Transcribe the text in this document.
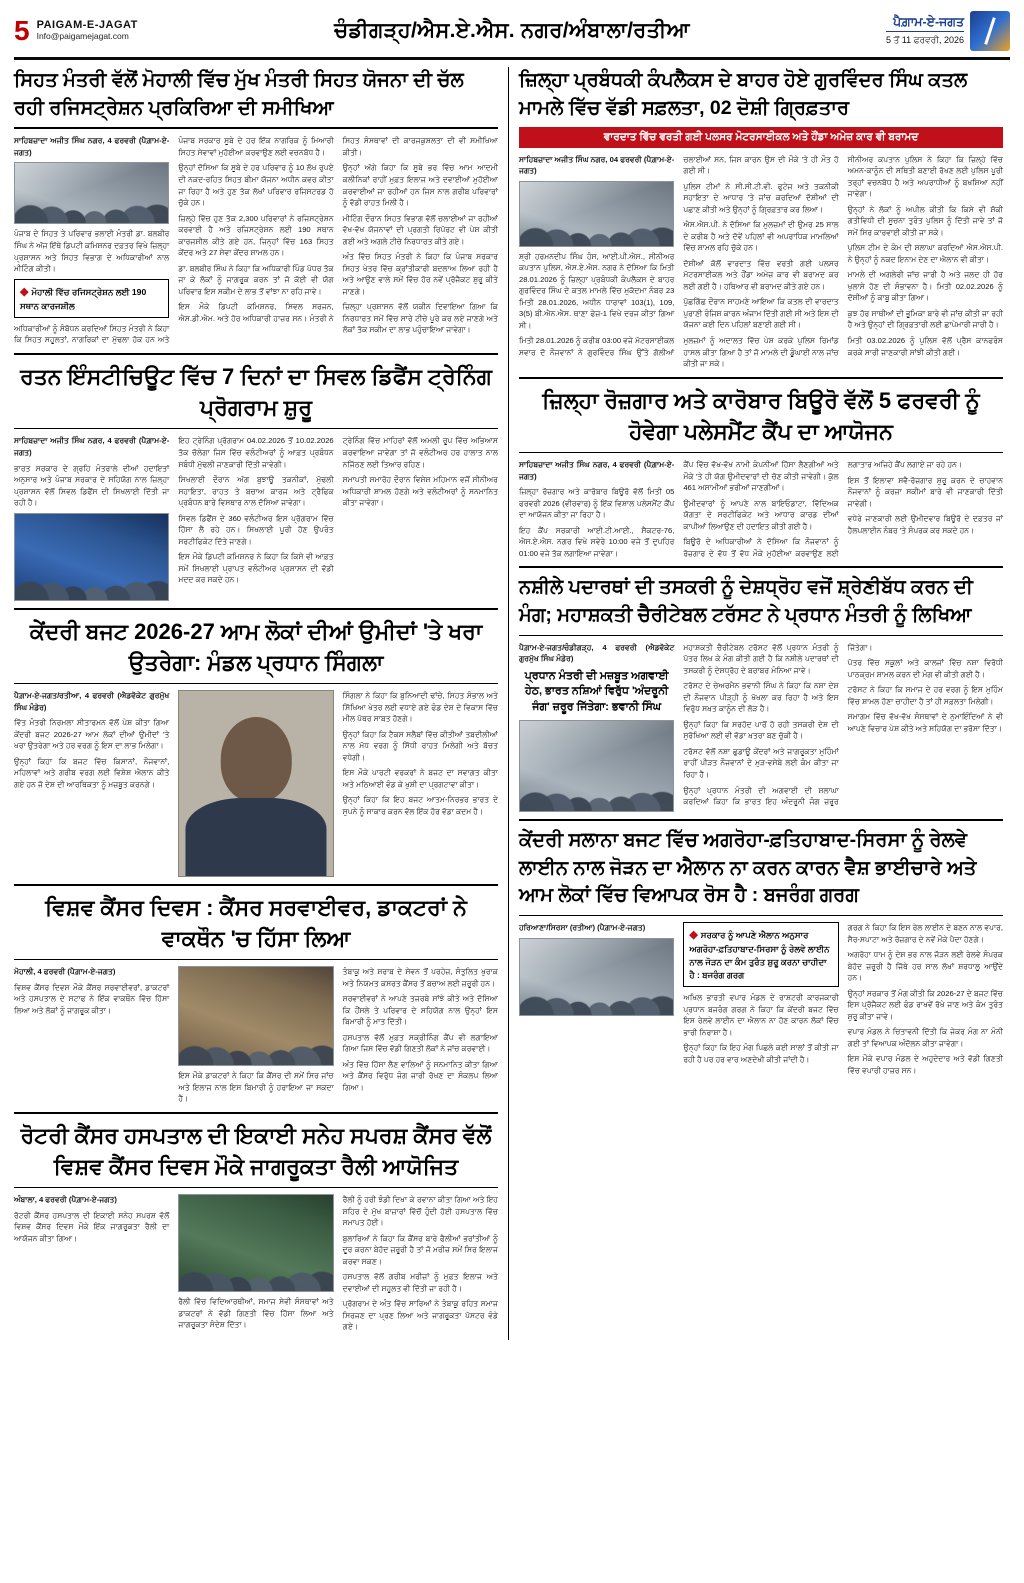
5 PAIGAM-E-JAGAT
Info@paigamejagat.com	ਚੰਡੀਗੜ੍ਹ/ਐਸ.ਏ.ਐਸ. ਨਗਰ/ਅੰਬਾਲਾ/ਰਤੀਆ	ਪੈਗ਼ਾਮ-ਏ-ਜਗਤ
5 ਤੋਂ 11 ਫਰਵਰੀ, 2026
ਸਿਹਤ ਮੰਤਰੀ ਵੱਲੋਂ ਮੋਹਾਲੀ ਵਿੱਚ ਮੁੱਖ ਮੰਤਰੀ ਸਿਹਤ ਯੋਜਨਾ ਦੀ ਚੱਲ ਰਹੀ ਰਜਿਸਟ੍ਰੇਸ਼ਨ ਪ੍ਰਕਿਰਿਆ ਦੀ ਸਮੀਖਿਆ

ਸਾਹਿਬਜ਼ਾਦਾ ਅਜੀਤ ਸਿੰਘ ਨਗਰ, 4 ਫਰਵਰੀ (ਪੈਗ਼ਾਮ-ਏ-ਜਗਤ)

ਪੰਜਾਬ ਦੇ ਸਿਹਤ ਤੇ ਪਰਿਵਾਰ ਭਲਾਈ ਮੰਤਰੀ ਡਾ. ਬਲਬੀਰ ਸਿੰਘ ਨੇ ਅੱਜ ਇੱਥੇ ਡਿਪਟੀ ਕਮਿਸ਼ਨਰ ਦਫ਼ਤਰ ਵਿਖੇ ਜ਼ਿਲ੍ਹਾ ਪ੍ਰਸ਼ਾਸਨ ਅਤੇ ਸਿਹਤ ਵਿਭਾਗ ਦੇ ਅਧਿਕਾਰੀਆਂ ਨਾਲ ਮੀਟਿੰਗ ਕੀਤੀ।

◆ ਮੋਹਾਲੀ ਵਿੱਚ ਰਜਿਸਟ੍ਰੇਸ਼ਨ ਲਈ 190 ਸਥਾਨ ਕਾਰਜਸ਼ੀਲ

ਅਧਿਕਾਰੀਆਂ ਨੂੰ ਸੰਬੋਧਨ ਕਰਦਿਆਂ ਸਿਹਤ ਮੰਤਰੀ ਨੇ ਕਿਹਾ ਕਿ ਸਿਹਤ ਸਹੂਲਤਾਂ, ਨਾਗਰਿਕਾਂ ਦਾ ਮੁੱਢਲਾ ਹੱਕ ਹਨ ਅਤੇ ਪੰਜਾਬ ਸਰਕਾਰ ਸੂਬੇ ਦੇ ਹਰ ਇੱਕ ਨਾਗਰਿਕ ਨੂੰ ਮਿਆਰੀ ਸਿਹਤ ਸੇਵਾਵਾਂ ਮੁਹੱਈਆ ਕਰਵਾਉਣ ਲਈ ਵਚਨਬੱਧ ਹੈ।

ਉਨ੍ਹਾਂ ਦੱਸਿਆ ਕਿ ਸੂਬੇ ਦੇ ਹਰ ਪਰਿਵਾਰ ਨੂੰ 10 ਲੱਖ ਰੁਪਏ ਦੀ ਨਕਦ-ਰਹਿਤ ਸਿਹਤ ਬੀਮਾ ਯੋਜਨਾ ਅਧੀਨ ਕਵਰ ਕੀਤਾ ਜਾ ਰਿਹਾ ਹੈ ਅਤੇ ਹੁਣ ਤੱਕ ਲੱਖਾਂ ਪਰਿਵਾਰ ਰਜਿਸਟਰਡ ਹੋ ਚੁੱਕੇ ਹਨ।

ਜ਼ਿਲ੍ਹੇ ਵਿੱਚ ਹੁਣ ਤੱਕ 2,300 ਪਰਿਵਾਰਾਂ ਨੇ ਰਜਿਸਟ੍ਰੇਸ਼ਨ ਕਰਵਾਈ ਹੈ ਅਤੇ ਰਜਿਸਟ੍ਰੇਸ਼ਨ ਲਈ 190 ਸਥਾਨ ਕਾਰਜਸ਼ੀਲ ਕੀਤੇ ਗਏ ਹਨ, ਜਿਨ੍ਹਾਂ ਵਿੱਚ 163 ਸਿਹਤ ਕੇਂਦਰ ਅਤੇ 27 ਸੇਵਾ ਕੇਂਦਰ ਸ਼ਾਮਲ ਹਨ।

ਡਾ. ਬਲਬੀਰ ਸਿੰਘ ਨੇ ਕਿਹਾ ਕਿ ਅਧਿਕਾਰੀ ਪਿੰਡ ਪੱਧਰ ਤੱਕ ਜਾ ਕੇ ਲੋਕਾਂ ਨੂੰ ਜਾਗਰੂਕ ਕਰਨ ਤਾਂ ਜੋ ਕੋਈ ਵੀ ਯੋਗ ਪਰਿਵਾਰ ਇਸ ਸਕੀਮ ਦੇ ਲਾਭ ਤੋਂ ਵਾਂਝਾ ਨਾ ਰਹਿ ਜਾਵੇ।

ਇਸ ਮੌਕੇ ਡਿਪਟੀ ਕਮਿਸ਼ਨਰ, ਸਿਵਲ ਸਰਜਨ, ਐਸ.ਡੀ.ਐਮ. ਅਤੇ ਹੋਰ ਅਧਿਕਾਰੀ ਹਾਜ਼ਰ ਸਨ। ਮੰਤਰੀ ਨੇ ਸਿਹਤ ਸੰਸਥਾਵਾਂ ਦੀ ਕਾਰਜਕੁਸ਼ਲਤਾ ਦੀ ਵੀ ਸਮੀਖਿਆ ਕੀਤੀ।

ਉਨ੍ਹਾਂ ਅੱਗੇ ਕਿਹਾ ਕਿ ਸੂਬੇ ਭਰ ਵਿੱਚ ਆਮ ਆਦਮੀ ਕਲੀਨਿਕਾਂ ਰਾਹੀਂ ਮੁਫ਼ਤ ਇਲਾਜ ਅਤੇ ਦਵਾਈਆਂ ਮੁਹੱਈਆ ਕਰਵਾਈਆਂ ਜਾ ਰਹੀਆਂ ਹਨ ਜਿਸ ਨਾਲ ਗਰੀਬ ਪਰਿਵਾਰਾਂ ਨੂੰ ਵੱਡੀ ਰਾਹਤ ਮਿਲੀ ਹੈ।

ਮੀਟਿੰਗ ਦੌਰਾਨ ਸਿਹਤ ਵਿਭਾਗ ਵੱਲੋਂ ਚਲਾਈਆਂ ਜਾ ਰਹੀਆਂ ਵੱਖ-ਵੱਖ ਯੋਜਨਾਵਾਂ ਦੀ ਪ੍ਰਗਤੀ ਰਿਪੋਰਟ ਵੀ ਪੇਸ਼ ਕੀਤੀ ਗਈ ਅਤੇ ਅਗਲੇ ਟੀਚੇ ਨਿਰਧਾਰਤ ਕੀਤੇ ਗਏ।

ਅੰਤ ਵਿੱਚ ਸਿਹਤ ਮੰਤਰੀ ਨੇ ਕਿਹਾ ਕਿ ਪੰਜਾਬ ਸਰਕਾਰ ਸਿਹਤ ਖੇਤਰ ਵਿੱਚ ਕ੍ਰਾਂਤੀਕਾਰੀ ਬਦਲਾਅ ਲਿਆ ਰਹੀ ਹੈ ਅਤੇ ਆਉਣ ਵਾਲੇ ਸਮੇਂ ਵਿੱਚ ਹੋਰ ਨਵੇਂ ਪ੍ਰੋਜੈਕਟ ਸ਼ੁਰੂ ਕੀਤੇ ਜਾਣਗੇ।

ਜ਼ਿਲ੍ਹਾ ਪ੍ਰਸ਼ਾਸਨ ਵੱਲੋਂ ਯਕੀਨ ਦਿਵਾਇਆ ਗਿਆ ਕਿ ਨਿਰਧਾਰਤ ਸਮੇਂ ਵਿੱਚ ਸਾਰੇ ਟੀਚੇ ਪੂਰੇ ਕਰ ਲਏ ਜਾਣਗੇ ਅਤੇ ਲੋਕਾਂ ਤੱਕ ਸਕੀਮ ਦਾ ਲਾਭ ਪਹੁੰਚਾਇਆ ਜਾਵੇਗਾ।

ਰਤਨ ਇੰਸਟੀਚਿਊਟ ਵਿੱਚ 7 ਦਿਨਾਂ ਦਾ ਸਿਵਲ ਡਿਫੈਂਸ ਟ੍ਰੇਨਿੰਗ ਪ੍ਰੋਗਰਾਮ ਸ਼ੁਰੂ

ਸਾਹਿਬਜ਼ਾਦਾ ਅਜੀਤ ਸਿੰਘ ਨਗਰ, 4 ਫਰਵਰੀ (ਪੈਗ਼ਾਮ-ਏ-ਜਗਤ)

ਭਾਰਤ ਸਰਕਾਰ ਦੇ ਗ੍ਰਹਿ ਮੰਤਰਾਲੇ ਦੀਆਂ ਹਦਾਇਤਾਂ ਅਨੁਸਾਰ ਅਤੇ ਪੰਜਾਬ ਸਰਕਾਰ ਦੇ ਸਹਿਯੋਗ ਨਾਲ ਜ਼ਿਲ੍ਹਾ ਪ੍ਰਸ਼ਾਸਨ ਵੱਲੋਂ ਸਿਵਲ ਡਿਫੈਂਸ ਦੀ ਸਿਖਲਾਈ ਦਿੱਤੀ ਜਾ ਰਹੀ ਹੈ।

ਇਹ ਟ੍ਰੇਨਿੰਗ ਪ੍ਰੋਗਰਾਮ 04.02.2026 ਤੋਂ 10.02.2026 ਤੱਕ ਚੱਲੇਗਾ ਜਿਸ ਵਿੱਚ ਵਲੰਟੀਅਰਾਂ ਨੂੰ ਆਫ਼ਤ ਪ੍ਰਬੰਧਨ ਸਬੰਧੀ ਮੁੱਢਲੀ ਜਾਣਕਾਰੀ ਦਿੱਤੀ ਜਾਵੇਗੀ।

ਸਿਖਲਾਈ ਦੌਰਾਨ ਅੱਗ ਬੁਝਾਊ ਤਕਨੀਕਾਂ, ਮੁੱਢਲੀ ਸਹਾਇਤਾ, ਰਾਹਤ ਤੇ ਬਚਾਅ ਕਾਰਜ ਅਤੇ ਟ੍ਰੈਫਿਕ ਪ੍ਰਬੰਧਨ ਬਾਰੇ ਵਿਸਥਾਰ ਨਾਲ ਦੱਸਿਆ ਜਾਵੇਗਾ।

ਸਿਵਲ ਡਿਫੈਂਸ ਦੇ 360 ਵਲੰਟੀਅਰ ਇਸ ਪ੍ਰੋਗਰਾਮ ਵਿੱਚ ਹਿੱਸਾ ਲੈ ਰਹੇ ਹਨ। ਸਿਖਲਾਈ ਪੂਰੀ ਹੋਣ ਉਪਰੰਤ ਸਰਟੀਫਿਕੇਟ ਦਿੱਤੇ ਜਾਣਗੇ।

ਇਸ ਮੌਕੇ ਡਿਪਟੀ ਕਮਿਸ਼ਨਰ ਨੇ ਕਿਹਾ ਕਿ ਕਿਸੇ ਵੀ ਆਫ਼ਤ ਸਮੇਂ ਸਿਖਲਾਈ ਪ੍ਰਾਪਤ ਵਲੰਟੀਅਰ ਪ੍ਰਸ਼ਾਸਨ ਦੀ ਵੱਡੀ ਮਦਦ ਕਰ ਸਕਦੇ ਹਨ।

ਟ੍ਰੇਨਿੰਗ ਵਿੱਚ ਮਾਹਿਰਾਂ ਵੱਲੋਂ ਅਮਲੀ ਰੂਪ ਵਿੱਚ ਅਭਿਆਸ ਕਰਵਾਇਆ ਜਾਵੇਗਾ ਤਾਂ ਜੋ ਵਲੰਟੀਅਰ ਹਰ ਹਾਲਾਤ ਨਾਲ ਨਜਿੱਠਣ ਲਈ ਤਿਆਰ ਰਹਿਣ।

ਸਮਾਪਤੀ ਸਮਾਰੋਹ ਦੌਰਾਨ ਵਿਸ਼ੇਸ਼ ਮਹਿਮਾਨ ਵਜੋਂ ਸੀਨੀਅਰ ਅਧਿਕਾਰੀ ਸ਼ਾਮਲ ਹੋਣਗੇ ਅਤੇ ਵਲੰਟੀਅਰਾਂ ਨੂੰ ਸਨਮਾਨਿਤ ਕੀਤਾ ਜਾਵੇਗਾ।

ਕੇਂਦਰੀ ਬਜਟ 2026-27 ਆਮ ਲੋਕਾਂ ਦੀਆਂ ਉਮੀਦਾਂ 'ਤੇ ਖਰਾ ਉਤਰੇਗਾ: ਮੰਡਲ ਪ੍ਰਧਾਨ ਸਿੰਗਲਾ

ਪੈਗ਼ਾਮ-ਏ-ਜਗਤ/ਰਤੀਆ, 4 ਫਰਵਰੀ (ਐਡਵੋਕੇਟ ਗੁਰਮੁੱਖ ਸਿੰਘ ਮੰਡੇਰ)

ਵਿੱਤ ਮੰਤਰੀ ਨਿਰਮਲਾ ਸੀਤਾਰਮਨ ਵੱਲੋਂ ਪੇਸ਼ ਕੀਤਾ ਗਿਆ ਕੇਂਦਰੀ ਬਜਟ 2026-27 ਆਮ ਲੋਕਾਂ ਦੀਆਂ ਉਮੀਦਾਂ 'ਤੇ ਖਰਾ ਉਤਰੇਗਾ ਅਤੇ ਹਰ ਵਰਗ ਨੂੰ ਇਸ ਦਾ ਲਾਭ ਮਿਲੇਗਾ।

ਉਨ੍ਹਾਂ ਕਿਹਾ ਕਿ ਬਜਟ ਵਿੱਚ ਕਿਸਾਨਾਂ, ਨੌਜਵਾਨਾਂ, ਮਹਿਲਾਵਾਂ ਅਤੇ ਗਰੀਬ ਵਰਗ ਲਈ ਵਿਸ਼ੇਸ਼ ਐਲਾਨ ਕੀਤੇ ਗਏ ਹਨ ਜੋ ਦੇਸ਼ ਦੀ ਆਰਥਿਕਤਾ ਨੂੰ ਮਜ਼ਬੂਤ ਕਰਨਗੇ।

ਸਿੰਗਲਾ ਨੇ ਕਿਹਾ ਕਿ ਬੁਨਿਆਦੀ ਢਾਂਚੇ, ਸਿਹਤ ਸੰਭਾਲ ਅਤੇ ਸਿੱਖਿਆ ਖੇਤਰ ਲਈ ਵਧਾਏ ਗਏ ਫੰਡ ਦੇਸ਼ ਦੇ ਵਿਕਾਸ ਵਿੱਚ ਮੀਲ ਪੱਥਰ ਸਾਬਤ ਹੋਣਗੇ।

ਉਨ੍ਹਾਂ ਕਿਹਾ ਕਿ ਟੈਕਸ ਸਲੈਬਾਂ ਵਿੱਚ ਕੀਤੀਆਂ ਤਬਦੀਲੀਆਂ ਨਾਲ ਮੱਧ ਵਰਗ ਨੂੰ ਸਿੱਧੀ ਰਾਹਤ ਮਿਲੇਗੀ ਅਤੇ ਬੱਚਤ ਵਧੇਗੀ।

ਇਸ ਮੌਕੇ ਪਾਰਟੀ ਵਰਕਰਾਂ ਨੇ ਬਜਟ ਦਾ ਸਵਾਗਤ ਕੀਤਾ ਅਤੇ ਮਠਿਆਈ ਵੰਡ ਕੇ ਖੁਸ਼ੀ ਦਾ ਪ੍ਰਗਟਾਵਾ ਕੀਤਾ।

ਉਨ੍ਹਾਂ ਕਿਹਾ ਕਿ ਇਹ ਬਜਟ ਆਤਮ-ਨਿਰਭਰ ਭਾਰਤ ਦੇ ਸੁਪਨੇ ਨੂੰ ਸਾਕਾਰ ਕਰਨ ਵੱਲ ਇੱਕ ਹੋਰ ਵੱਡਾ ਕਦਮ ਹੈ।

ਵਿਸ਼ਵ ਕੈਂਸਰ ਦਿਵਸ : ਕੈਂਸਰ ਸਰਵਾਈਵਰ, ਡਾਕਟਰਾਂ ਨੇ ਵਾਕਥੌਨ 'ਚ ਹਿੱਸਾ ਲਿਆ

ਮੋਹਾਲੀ, 4 ਫਰਵਰੀ (ਪੈਗ਼ਾਮ-ਏ-ਜਗਤ)

ਵਿਸ਼ਵ ਕੈਂਸਰ ਦਿਵਸ ਮੌਕੇ ਕੈਂਸਰ ਸਰਵਾਈਵਰਾਂ, ਡਾਕਟਰਾਂ ਅਤੇ ਹਸਪਤਾਲ ਦੇ ਸਟਾਫ ਨੇ ਇੱਕ ਵਾਕਥੌਨ ਵਿੱਚ ਹਿੱਸਾ ਲਿਆ ਅਤੇ ਲੋਕਾਂ ਨੂੰ ਜਾਗਰੂਕ ਕੀਤਾ।

ਇਸ ਮੌਕੇ ਡਾਕਟਰਾਂ ਨੇ ਕਿਹਾ ਕਿ ਕੈਂਸਰ ਦੀ ਸਮੇਂ ਸਿਰ ਜਾਂਚ ਅਤੇ ਇਲਾਜ ਨਾਲ ਇਸ ਬਿਮਾਰੀ ਨੂੰ ਹਰਾਇਆ ਜਾ ਸਕਦਾ ਹੈ।

ਤੰਬਾਕੂ ਅਤੇ ਸ਼ਰਾਬ ਦੇ ਸੇਵਨ ਤੋਂ ਪਰਹੇਜ਼, ਸੰਤੁਲਿਤ ਖੁਰਾਕ ਅਤੇ ਨਿਯਮਤ ਕਸਰਤ ਕੈਂਸਰ ਤੋਂ ਬਚਾਅ ਲਈ ਜ਼ਰੂਰੀ ਹਨ।

ਸਰਵਾਈਵਰਾਂ ਨੇ ਆਪਣੇ ਤਜਰਬੇ ਸਾਂਝੇ ਕੀਤੇ ਅਤੇ ਦੱਸਿਆ ਕਿ ਹੌਂਸਲੇ ਤੇ ਪਰਿਵਾਰ ਦੇ ਸਹਿਯੋਗ ਨਾਲ ਉਨ੍ਹਾਂ ਇਸ ਬਿਮਾਰੀ ਨੂੰ ਮਾਤ ਦਿੱਤੀ।

ਹਸਪਤਾਲ ਵੱਲੋਂ ਮੁਫ਼ਤ ਸਕ੍ਰੀਨਿੰਗ ਕੈਂਪ ਵੀ ਲਗਾਇਆ ਗਿਆ ਜਿਸ ਵਿੱਚ ਵੱਡੀ ਗਿਣਤੀ ਲੋਕਾਂ ਨੇ ਜਾਂਚ ਕਰਵਾਈ।

ਅੰਤ ਵਿੱਚ ਹਿੱਸਾ ਲੈਣ ਵਾਲਿਆਂ ਨੂੰ ਸਨਮਾਨਿਤ ਕੀਤਾ ਗਿਆ ਅਤੇ ਕੈਂਸਰ ਵਿਰੁੱਧ ਜੰਗ ਜਾਰੀ ਰੱਖਣ ਦਾ ਸੰਕਲਪ ਲਿਆ ਗਿਆ।

ਰੋਟਰੀ ਕੈਂਸਰ ਹਸਪਤਾਲ ਦੀ ਇਕਾਈ ਸਨੇਹ ਸਪਰਸ਼ ਕੈਂਸਰ ਵੱਲੋਂ ਵਿਸ਼ਵ ਕੈਂਸਰ ਦਿਵਸ ਮੌਕੇ ਜਾਗਰੂਕਤਾ ਰੈਲੀ ਆਯੋਜਿਤ

ਅੰਬਾਲਾ, 4 ਫਰਵਰੀ (ਪੈਗ਼ਾਮ-ਏ-ਜਗਤ)

ਰੋਟਰੀ ਕੈਂਸਰ ਹਸਪਤਾਲ ਦੀ ਇਕਾਈ ਸਨੇਹ ਸਪਰਸ਼ ਵੱਲੋਂ ਵਿਸ਼ਵ ਕੈਂਸਰ ਦਿਵਸ ਮੌਕੇ ਇੱਕ ਜਾਗਰੂਕਤਾ ਰੈਲੀ ਦਾ ਆਯੋਜਨ ਕੀਤਾ ਗਿਆ।

ਰੈਲੀ ਵਿੱਚ ਵਿਦਿਆਰਥੀਆਂ, ਸਮਾਜ ਸੇਵੀ ਸੰਸਥਾਵਾਂ ਅਤੇ ਡਾਕਟਰਾਂ ਨੇ ਵੱਡੀ ਗਿਣਤੀ ਵਿੱਚ ਹਿੱਸਾ ਲਿਆ ਅਤੇ ਜਾਗਰੂਕਤਾ ਸੰਦੇਸ਼ ਦਿੱਤਾ।

ਰੈਲੀ ਨੂੰ ਹਰੀ ਝੰਡੀ ਦਿਖਾ ਕੇ ਰਵਾਨਾ ਕੀਤਾ ਗਿਆ ਅਤੇ ਇਹ ਸ਼ਹਿਰ ਦੇ ਮੁੱਖ ਬਾਜ਼ਾਰਾਂ ਵਿੱਚੋਂ ਹੁੰਦੀ ਹੋਈ ਹਸਪਤਾਲ ਵਿੱਚ ਸਮਾਪਤ ਹੋਈ।

ਬੁਲਾਰਿਆਂ ਨੇ ਕਿਹਾ ਕਿ ਕੈਂਸਰ ਬਾਰੇ ਫੈਲੀਆਂ ਭਰਾਂਤੀਆਂ ਨੂੰ ਦੂਰ ਕਰਨਾ ਬੇਹੱਦ ਜ਼ਰੂਰੀ ਹੈ ਤਾਂ ਜੋ ਮਰੀਜ਼ ਸਮੇਂ ਸਿਰ ਇਲਾਜ ਕਰਵਾ ਸਕਣ।

ਹਸਪਤਾਲ ਵੱਲੋਂ ਗਰੀਬ ਮਰੀਜ਼ਾਂ ਨੂੰ ਮੁਫ਼ਤ ਇਲਾਜ ਅਤੇ ਦਵਾਈਆਂ ਦੀ ਸਹੂਲਤ ਵੀ ਦਿੱਤੀ ਜਾ ਰਹੀ ਹੈ।

ਪ੍ਰੋਗਰਾਮ ਦੇ ਅੰਤ ਵਿੱਚ ਸਾਰਿਆਂ ਨੇ ਤੰਬਾਕੂ ਰਹਿਤ ਸਮਾਜ ਸਿਰਜਣ ਦਾ ਪ੍ਰਣ ਲਿਆ ਅਤੇ ਜਾਗਰੂਕਤਾ ਪੋਸਟਰ ਵੰਡੇ ਗਏ।

ਜ਼ਿਲ੍ਹਾ ਪ੍ਰਬੰਧਕੀ ਕੰਪਲੈਕਸ ਦੇ ਬਾਹਰ ਹੋਏ ਗੁਰਵਿੰਦਰ ਸਿੰਘ ਕਤਲ ਮਾਮਲੇ ਵਿੱਚ ਵੱਡੀ ਸਫ਼ਲਤਾ, 02 ਦੋਸ਼ੀ ਗ੍ਰਿਫ਼ਤਾਰ
ਵਾਰਦਾਤ ਵਿੱਚ ਵਰਤੀ ਗਈ ਪਲਸਰ ਮੋਟਰਸਾਈਕਲ ਅਤੇ ਹੌਂਡਾ ਅਮੇਜ਼ ਕਾਰ ਵੀ ਬਰਾਮਦ

ਸਾਹਿਬਜ਼ਾਦਾ ਅਜੀਤ ਸਿੰਘ ਨਗਰ, 04 ਫਰਵਰੀ (ਪੈਗ਼ਾਮ-ਏ-ਜਗਤ)

ਸ਼੍ਰੀ ਹਰਮਨਦੀਪ ਸਿੰਘ ਹੰਸ, ਆਈ.ਪੀ.ਐਸ., ਸੀਨੀਅਰ ਕਪਤਾਨ ਪੁਲਿਸ, ਐਸ.ਏ.ਐਸ. ਨਗਰ ਨੇ ਦੱਸਿਆ ਕਿ ਮਿਤੀ 28.01.2026 ਨੂੰ ਜ਼ਿਲ੍ਹਾ ਪ੍ਰਬੰਧਕੀ ਕੰਪਲੈਕਸ ਦੇ ਬਾਹਰ ਗੁਰਵਿੰਦਰ ਸਿੰਘ ਦੇ ਕਤਲ ਮਾਮਲੇ ਵਿੱਚ ਮੁਕੱਦਮਾ ਨੰਬਰ 23 ਮਿਤੀ 28.01.2026, ਅਧੀਨ ਧਾਰਾਵਾਂ 103(1), 109, 3(5) ਬੀ.ਐਨ.ਐਸ. ਥਾਣਾ ਫੇਜ਼-1 ਵਿਖੇ ਦਰਜ ਕੀਤਾ ਗਿਆ ਸੀ।

ਮਿਤੀ 28.01.2026 ਨੂੰ ਕਰੀਬ 03:00 ਵਜੇ ਮੋਟਰਸਾਈਕਲ ਸਵਾਰ ਦੋ ਨੌਜਵਾਨਾਂ ਨੇ ਗੁਰਵਿੰਦਰ ਸਿੰਘ ਉੱਤੇ ਗੋਲੀਆਂ ਚਲਾਈਆਂ ਸਨ, ਜਿਸ ਕਾਰਨ ਉਸ ਦੀ ਮੌਕੇ 'ਤੇ ਹੀ ਮੌਤ ਹੋ ਗਈ ਸੀ।

ਪੁਲਿਸ ਟੀਮਾਂ ਨੇ ਸੀ.ਸੀ.ਟੀ.ਵੀ. ਫੁਟੇਜ ਅਤੇ ਤਕਨੀਕੀ ਸਹਾਇਤਾ ਦੇ ਆਧਾਰ 'ਤੇ ਜਾਂਚ ਕਰਦਿਆਂ ਦੋਸ਼ੀਆਂ ਦੀ ਪਛਾਣ ਕੀਤੀ ਅਤੇ ਉਨ੍ਹਾਂ ਨੂੰ ਗ੍ਰਿਫ਼ਤਾਰ ਕਰ ਲਿਆ।

ਐਸ.ਐਸ.ਪੀ. ਨੇ ਦੱਸਿਆ ਕਿ ਮੁਲਜ਼ਮਾਂ ਦੀ ਉਮਰ 25 ਸਾਲ ਦੇ ਕਰੀਬ ਹੈ ਅਤੇ ਦੋਵੇਂ ਪਹਿਲਾਂ ਵੀ ਅਪਰਾਧਿਕ ਮਾਮਲਿਆਂ ਵਿੱਚ ਸ਼ਾਮਲ ਰਹਿ ਚੁੱਕੇ ਹਨ।

ਦੋਸ਼ੀਆਂ ਕੋਲੋਂ ਵਾਰਦਾਤ ਵਿੱਚ ਵਰਤੀ ਗਈ ਪਲਸਰ ਮੋਟਰਸਾਈਕਲ ਅਤੇ ਹੌਂਡਾ ਅਮੇਜ਼ ਕਾਰ ਵੀ ਬਰਾਮਦ ਕਰ ਲਈ ਗਈ ਹੈ। ਹਥਿਆਰ ਵੀ ਬਰਾਮਦ ਕੀਤੇ ਗਏ ਹਨ।

ਪੁੱਛਗਿੱਛ ਦੌਰਾਨ ਸਾਹਮਣੇ ਆਇਆ ਕਿ ਕਤਲ ਦੀ ਵਾਰਦਾਤ ਪੁਰਾਣੀ ਰੰਜਿਸ਼ ਕਾਰਨ ਅੰਜਾਮ ਦਿੱਤੀ ਗਈ ਸੀ ਅਤੇ ਇਸ ਦੀ ਯੋਜਨਾ ਕਈ ਦਿਨ ਪਹਿਲਾਂ ਬਣਾਈ ਗਈ ਸੀ।

ਮੁਲਜ਼ਮਾਂ ਨੂੰ ਅਦਾਲਤ ਵਿੱਚ ਪੇਸ਼ ਕਰਕੇ ਪੁਲਿਸ ਰਿਮਾਂਡ ਹਾਸਲ ਕੀਤਾ ਗਿਆ ਹੈ ਤਾਂ ਜੋ ਮਾਮਲੇ ਦੀ ਡੂੰਘਾਈ ਨਾਲ ਜਾਂਚ ਕੀਤੀ ਜਾ ਸਕੇ।

ਸੀਨੀਅਰ ਕਪਤਾਨ ਪੁਲਿਸ ਨੇ ਕਿਹਾ ਕਿ ਜ਼ਿਲ੍ਹੇ ਵਿੱਚ ਅਮਨ-ਕਾਨੂੰਨ ਦੀ ਸਥਿਤੀ ਬਣਾਈ ਰੱਖਣ ਲਈ ਪੁਲਿਸ ਪੂਰੀ ਤਰ੍ਹਾਂ ਵਚਨਬੱਧ ਹੈ ਅਤੇ ਅਪਰਾਧੀਆਂ ਨੂੰ ਬਖਸ਼ਿਆ ਨਹੀਂ ਜਾਵੇਗਾ।

ਉਨ੍ਹਾਂ ਨੇ ਲੋਕਾਂ ਨੂੰ ਅਪੀਲ ਕੀਤੀ ਕਿ ਕਿਸੇ ਵੀ ਸ਼ੱਕੀ ਗਤੀਵਿਧੀ ਦੀ ਸੂਚਨਾ ਤੁਰੰਤ ਪੁਲਿਸ ਨੂੰ ਦਿੱਤੀ ਜਾਵੇ ਤਾਂ ਜੋ ਸਮੇਂ ਸਿਰ ਕਾਰਵਾਈ ਕੀਤੀ ਜਾ ਸਕੇ।

ਪੁਲਿਸ ਟੀਮ ਦੇ ਕੰਮ ਦੀ ਸ਼ਲਾਘਾ ਕਰਦਿਆਂ ਐਸ.ਐਸ.ਪੀ. ਨੇ ਉਨ੍ਹਾਂ ਨੂੰ ਨਕਦ ਇਨਾਮ ਦੇਣ ਦਾ ਐਲਾਨ ਵੀ ਕੀਤਾ।

ਮਾਮਲੇ ਦੀ ਅਗਲੇਰੀ ਜਾਂਚ ਜਾਰੀ ਹੈ ਅਤੇ ਜਲਦ ਹੀ ਹੋਰ ਖੁਲਾਸੇ ਹੋਣ ਦੀ ਸੰਭਾਵਨਾ ਹੈ। ਮਿਤੀ 02.02.2026 ਨੂੰ ਦੋਸ਼ੀਆਂ ਨੂੰ ਕਾਬੂ ਕੀਤਾ ਗਿਆ।

ਕੁਝ ਹੋਰ ਸਾਥੀਆਂ ਦੀ ਭੂਮਿਕਾ ਬਾਰੇ ਵੀ ਜਾਂਚ ਕੀਤੀ ਜਾ ਰਹੀ ਹੈ ਅਤੇ ਉਨ੍ਹਾਂ ਦੀ ਗ੍ਰਿਫ਼ਤਾਰੀ ਲਈ ਛਾਪੇਮਾਰੀ ਜਾਰੀ ਹੈ।

ਮਿਤੀ 03.02.2026 ਨੂੰ ਪੁਲਿਸ ਵੱਲੋਂ ਪ੍ਰੈਸ ਕਾਨਫਰੰਸ ਕਰਕੇ ਸਾਰੀ ਜਾਣਕਾਰੀ ਸਾਂਝੀ ਕੀਤੀ ਗਈ।

ਜ਼ਿਲ੍ਹਾ ਰੋਜ਼ਗਾਰ ਅਤੇ ਕਾਰੋਬਾਰ ਬਿਊਰੋ ਵੱਲੋਂ 5 ਫਰਵਰੀ ਨੂੰ ਹੋਵੇਗਾ ਪਲੇਸਮੈਂਟ ਕੈਂਪ ਦਾ ਆਯੋਜਨ

ਸਾਹਿਬਜ਼ਾਦਾ ਅਜੀਤ ਸਿੰਘ ਨਗਰ, 4 ਫਰਵਰੀ (ਪੈਗ਼ਾਮ-ਏ-ਜਗਤ)

ਜ਼ਿਲ੍ਹਾ ਰੋਜ਼ਗਾਰ ਅਤੇ ਕਾਰੋਬਾਰ ਬਿਊਰੋ ਵੱਲੋਂ ਮਿਤੀ 05 ਫਰਵਰੀ 2026 (ਵੀਰਵਾਰ) ਨੂੰ ਇੱਕ ਵਿਸ਼ਾਲ ਪਲੇਸਮੈਂਟ ਕੈਂਪ ਦਾ ਆਯੋਜਨ ਕੀਤਾ ਜਾ ਰਿਹਾ ਹੈ।

ਇਹ ਕੈਂਪ ਸਰਕਾਰੀ ਆਈ.ਟੀ.ਆਈ., ਸੈਕਟਰ-76, ਐਸ.ਏ.ਐਸ. ਨਗਰ ਵਿਖੇ ਸਵੇਰੇ 10:00 ਵਜੇ ਤੋਂ ਦੁਪਹਿਰ 01:00 ਵਜੇ ਤੱਕ ਲਗਾਇਆ ਜਾਵੇਗਾ।

ਕੈਂਪ ਵਿੱਚ ਵੱਖ-ਵੱਖ ਨਾਮੀ ਕੰਪਨੀਆਂ ਹਿੱਸਾ ਲੈਣਗੀਆਂ ਅਤੇ ਮੌਕੇ 'ਤੇ ਹੀ ਯੋਗ ਉਮੀਦਵਾਰਾਂ ਦੀ ਚੋਣ ਕੀਤੀ ਜਾਵੇਗੀ। ਕੁੱਲ 461 ਅਸਾਮੀਆਂ ਭਰੀਆਂ ਜਾਣਗੀਆਂ।

ਉਮੀਦਵਾਰਾਂ ਨੂੰ ਆਪਣੇ ਨਾਲ ਬਾਇਓਡਾਟਾ, ਵਿੱਦਿਅਕ ਯੋਗਤਾ ਦੇ ਸਰਟੀਫਿਕੇਟ ਅਤੇ ਆਧਾਰ ਕਾਰਡ ਦੀਆਂ ਕਾਪੀਆਂ ਲਿਆਉਣ ਦੀ ਹਦਾਇਤ ਕੀਤੀ ਗਈ ਹੈ।

ਬਿਊਰੋ ਦੇ ਅਧਿਕਾਰੀਆਂ ਨੇ ਦੱਸਿਆ ਕਿ ਨੌਜਵਾਨਾਂ ਨੂੰ ਰੋਜ਼ਗਾਰ ਦੇ ਵੱਧ ਤੋਂ ਵੱਧ ਮੌਕੇ ਮੁਹੱਈਆ ਕਰਵਾਉਣ ਲਈ ਲਗਾਤਾਰ ਅਜਿਹੇ ਕੈਂਪ ਲਗਾਏ ਜਾ ਰਹੇ ਹਨ।

ਇਸ ਤੋਂ ਇਲਾਵਾ ਸਵੈ-ਰੋਜ਼ਗਾਰ ਸ਼ੁਰੂ ਕਰਨ ਦੇ ਚਾਹਵਾਨ ਨੌਜਵਾਨਾਂ ਨੂੰ ਕਰਜ਼ਾ ਸਕੀਮਾਂ ਬਾਰੇ ਵੀ ਜਾਣਕਾਰੀ ਦਿੱਤੀ ਜਾਵੇਗੀ।

ਵਧੇਰੇ ਜਾਣਕਾਰੀ ਲਈ ਉਮੀਦਵਾਰ ਬਿਊਰੋ ਦੇ ਦਫ਼ਤਰ ਜਾਂ ਹੈਲਪਲਾਈਨ ਨੰਬਰ 'ਤੇ ਸੰਪਰਕ ਕਰ ਸਕਦੇ ਹਨ।

ਨਸ਼ੀਲੇ ਪਦਾਰਥਾਂ ਦੀ ਤਸਕਰੀ ਨੂੰ ਦੇਸ਼ਧ੍ਰੋਹ ਵਜੋਂ ਸ਼੍ਰੇਣੀਬੱਧ ਕਰਨ ਦੀ ਮੰਗ; ਮਹਾਸ਼ਕਤੀ ਚੈਰੀਟੇਬਲ ਟਰੱਸਟ ਨੇ ਪ੍ਰਧਾਨ ਮੰਤਰੀ ਨੂੰ ਲਿਖਿਆ

ਪੈਗ਼ਾਮ-ਏ-ਜਗਤ/ਚੰਡੀਗੜ੍ਹ, 4 ਫਰਵਰੀ (ਐਡਵੋਕੇਟ ਗੁਰਮੁੱਖ ਸਿੰਘ ਮੰਡੇਰ)

ਪ੍ਰਧਾਨ ਮੰਤਰੀ ਦੀ ਮਜ਼ਬੂਤ ਅਗਵਾਈ ਹੇਠ, ਭਾਰਤ ਨਸ਼ਿਆਂ ਵਿਰੁੱਧ 'ਅੰਦਰੂਨੀ ਜੰਗ' ਜ਼ਰੂਰ ਜਿੱਤੇਗਾ: ਭਵਾਨੀ ਸਿੰਘ

ਮਹਾਸ਼ਕਤੀ ਚੈਰੀਟੇਬਲ ਟਰੱਸਟ ਵੱਲੋਂ ਪ੍ਰਧਾਨ ਮੰਤਰੀ ਨੂੰ ਪੱਤਰ ਲਿਖ ਕੇ ਮੰਗ ਕੀਤੀ ਗਈ ਹੈ ਕਿ ਨਸ਼ੀਲੇ ਪਦਾਰਥਾਂ ਦੀ ਤਸਕਰੀ ਨੂੰ ਦੇਸ਼ਧ੍ਰੋਹ ਦੇ ਬਰਾਬਰ ਮੰਨਿਆ ਜਾਵੇ।

ਟਰੱਸਟ ਦੇ ਚੇਅਰਮੈਨ ਭਵਾਨੀ ਸਿੰਘ ਨੇ ਕਿਹਾ ਕਿ ਨਸ਼ਾ ਦੇਸ਼ ਦੀ ਨੌਜਵਾਨ ਪੀੜ੍ਹੀ ਨੂੰ ਖੋਖਲਾ ਕਰ ਰਿਹਾ ਹੈ ਅਤੇ ਇਸ ਵਿਰੁੱਧ ਸਖ਼ਤ ਕਾਨੂੰਨ ਦੀ ਲੋੜ ਹੈ।

ਉਨ੍ਹਾਂ ਕਿਹਾ ਕਿ ਸਰਹੱਦ ਪਾਰੋਂ ਹੋ ਰਹੀ ਤਸਕਰੀ ਦੇਸ਼ ਦੀ ਸੁਰੱਖਿਆ ਲਈ ਵੀ ਵੱਡਾ ਖ਼ਤਰਾ ਬਣ ਚੁੱਕੀ ਹੈ।

ਟਰੱਸਟ ਵੱਲੋਂ ਨਸ਼ਾ ਛੁਡਾਊ ਕੇਂਦਰਾਂ ਅਤੇ ਜਾਗਰੂਕਤਾ ਮੁਹਿੰਮਾਂ ਰਾਹੀਂ ਪੀੜਤ ਨੌਜਵਾਨਾਂ ਦੇ ਮੁੜ-ਵਸੇਬੇ ਲਈ ਕੰਮ ਕੀਤਾ ਜਾ ਰਿਹਾ ਹੈ।

ਉਨ੍ਹਾਂ ਪ੍ਰਧਾਨ ਮੰਤਰੀ ਦੀ ਅਗਵਾਈ ਦੀ ਸ਼ਲਾਘਾ ਕਰਦਿਆਂ ਕਿਹਾ ਕਿ ਭਾਰਤ ਇਹ ਅੰਦਰੂਨੀ ਜੰਗ ਜ਼ਰੂਰ ਜਿੱਤੇਗਾ।

ਪੱਤਰ ਵਿੱਚ ਸਕੂਲਾਂ ਅਤੇ ਕਾਲਜਾਂ ਵਿੱਚ ਨਸ਼ਾ ਵਿਰੋਧੀ ਪਾਠਕ੍ਰਮ ਸ਼ਾਮਲ ਕਰਨ ਦੀ ਮੰਗ ਵੀ ਕੀਤੀ ਗਈ ਹੈ।

ਟਰੱਸਟ ਨੇ ਕਿਹਾ ਕਿ ਸਮਾਜ ਦੇ ਹਰ ਵਰਗ ਨੂੰ ਇਸ ਮੁਹਿੰਮ ਵਿੱਚ ਸ਼ਾਮਲ ਹੋਣਾ ਚਾਹੀਦਾ ਹੈ ਤਾਂ ਹੀ ਸਫ਼ਲਤਾ ਮਿਲੇਗੀ।

ਸਮਾਗਮ ਵਿੱਚ ਵੱਖ-ਵੱਖ ਸੰਸਥਾਵਾਂ ਦੇ ਨੁਮਾਇੰਦਿਆਂ ਨੇ ਵੀ ਆਪਣੇ ਵਿਚਾਰ ਪੇਸ਼ ਕੀਤੇ ਅਤੇ ਸਹਿਯੋਗ ਦਾ ਭਰੋਸਾ ਦਿੱਤਾ।

ਕੇਂਦਰੀ ਸਲਾਨਾ ਬਜਟ ਵਿੱਚ ਅਗਰੋਹਾ-ਫ਼ਤਿਹਾਬਾਦ-ਸਿਰਸਾ ਨੂੰ ਰੇਲਵੇ ਲਾਈਨ ਨਾਲ ਜੋੜਨ ਦਾ ਐਲਾਨ ਨਾ ਕਰਨ ਕਾਰਨ ਵੈਸ਼ ਭਾਈਚਾਰੇ ਅਤੇ ਆਮ ਲੋਕਾਂ ਵਿੱਚ ਵਿਆਪਕ ਰੋਸ ਹੈ : ਬਜਰੰਗ ਗਰਗ

ਹਰਿਆਣਾ/ਸਿਰਸਾ (ਰਤੀਆ) (ਪੈਗ਼ਾਮ-ਏ-ਜਗਤ)

◆ ਸਰਕਾਰ ਨੂੰ ਆਪਣੇ ਐਲਾਨ ਅਨੁਸਾਰ ਅਗਰੋਹਾ-ਫ਼ਤਿਹਾਬਾਦ-ਸਿਰਸਾ ਨੂੰ ਰੇਲਵੇ ਲਾਈਨ ਨਾਲ ਜੋੜਨ ਦਾ ਕੰਮ ਤੁਰੰਤ ਸ਼ੁਰੂ ਕਰਨਾ ਚਾਹੀਦਾ ਹੈ : ਬਜਰੰਗ ਗਰਗ

ਅਖਿਲ ਭਾਰਤੀ ਵਪਾਰ ਮੰਡਲ ਦੇ ਰਾਸ਼ਟਰੀ ਕਾਰਜਕਾਰੀ ਪ੍ਰਧਾਨ ਬਜਰੰਗ ਗਰਗ ਨੇ ਕਿਹਾ ਕਿ ਕੇਂਦਰੀ ਬਜਟ ਵਿੱਚ ਇਸ ਰੇਲਵੇ ਲਾਈਨ ਦਾ ਐਲਾਨ ਨਾ ਹੋਣ ਕਾਰਨ ਲੋਕਾਂ ਵਿੱਚ ਭਾਰੀ ਨਿਰਾਸ਼ਾ ਹੈ।

ਉਨ੍ਹਾਂ ਕਿਹਾ ਕਿ ਇਹ ਮੰਗ ਪਿਛਲੇ ਕਈ ਸਾਲਾਂ ਤੋਂ ਕੀਤੀ ਜਾ ਰਹੀ ਹੈ ਪਰ ਹਰ ਵਾਰ ਅਣਦੇਖੀ ਕੀਤੀ ਜਾਂਦੀ ਹੈ।

ਗਰਗ ਨੇ ਕਿਹਾ ਕਿ ਇਸ ਰੇਲ ਲਾਈਨ ਦੇ ਬਣਨ ਨਾਲ ਵਪਾਰ, ਸੈਰ-ਸਪਾਟਾ ਅਤੇ ਰੋਜ਼ਗਾਰ ਦੇ ਨਵੇਂ ਮੌਕੇ ਪੈਦਾ ਹੋਣਗੇ।

ਅਗਰੋਹਾ ਧਾਮ ਨੂੰ ਦੇਸ਼ ਭਰ ਨਾਲ ਜੋੜਨ ਲਈ ਰੇਲਵੇ ਸੰਪਰਕ ਬੇਹੱਦ ਜ਼ਰੂਰੀ ਹੈ ਜਿੱਥੇ ਹਰ ਸਾਲ ਲੱਖਾਂ ਸ਼ਰਧਾਲੂ ਆਉਂਦੇ ਹਨ।

ਉਨ੍ਹਾਂ ਸਰਕਾਰ ਤੋਂ ਮੰਗ ਕੀਤੀ ਕਿ 2026-27 ਦੇ ਬਜਟ ਵਿੱਚ ਇਸ ਪ੍ਰੋਜੈਕਟ ਲਈ ਫੰਡ ਰਾਖਵੇਂ ਰੱਖੇ ਜਾਣ ਅਤੇ ਕੰਮ ਤੁਰੰਤ ਸ਼ੁਰੂ ਕੀਤਾ ਜਾਵੇ।

ਵਪਾਰ ਮੰਡਲ ਨੇ ਚਿਤਾਵਨੀ ਦਿੱਤੀ ਕਿ ਜੇਕਰ ਮੰਗ ਨਾ ਮੰਨੀ ਗਈ ਤਾਂ ਵਿਆਪਕ ਅੰਦੋਲਨ ਕੀਤਾ ਜਾਵੇਗਾ।

ਇਸ ਮੌਕੇ ਵਪਾਰ ਮੰਡਲ ਦੇ ਅਹੁਦੇਦਾਰ ਅਤੇ ਵੱਡੀ ਗਿਣਤੀ ਵਿੱਚ ਵਪਾਰੀ ਹਾਜ਼ਰ ਸਨ।
